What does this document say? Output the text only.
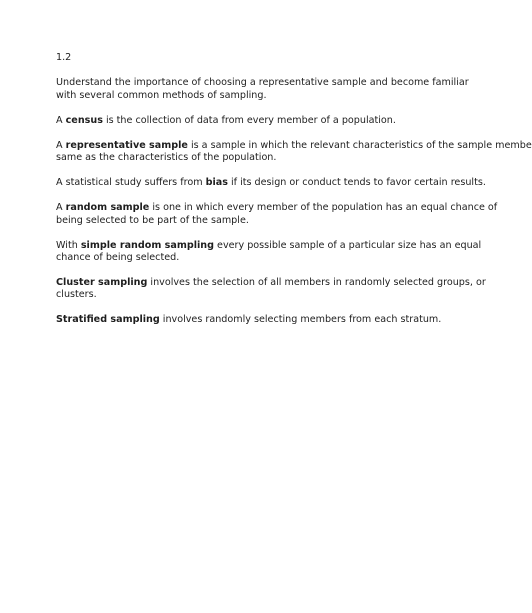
1.2
Understand the importance of choosing a representative sample and become familiar
with several common methods of sampling.
A census is the collection of data from every member of a population.
A representative sample is a sample in which the relevant characteristics of the sample membe
same as the characteristics of the population.
A statistical study suffers from bias if its design or conduct tends to favor certain results.
A random sample is one in which every member of the population has an equal chance of
being selected to be part of the sample.
With simple random sampling every possible sample of a particular size has an equal
chance of being selected.
Cluster sampling involves the selection of all members in randomly selected groups, or
clusters.
Stratified sampling involves randomly selecting members from each stratum.
